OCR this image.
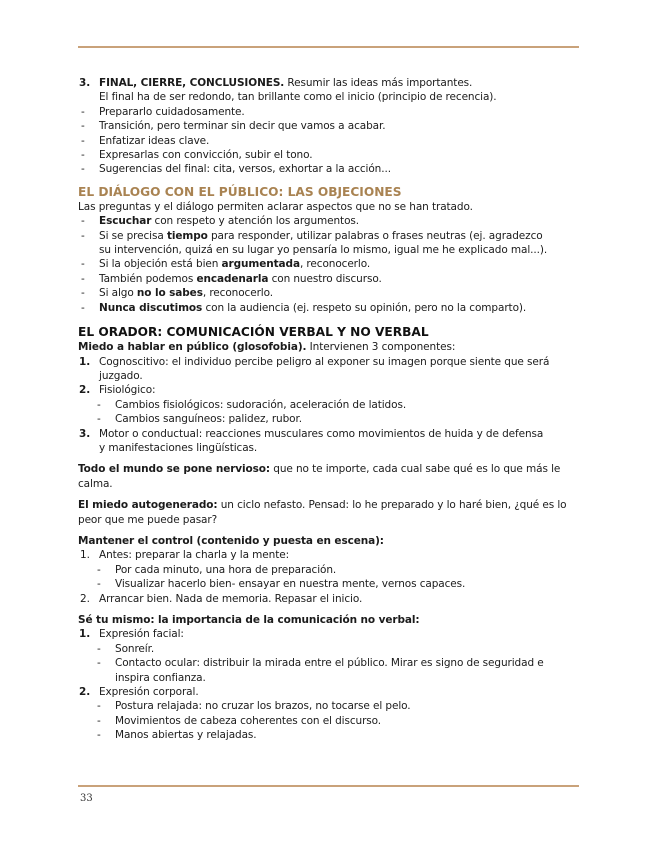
3. FINAL, CIERRE, CONCLUSIONES. Resumir las ideas más importantes.
El final ha de ser redondo, tan brillante como el inicio (principio de recencia).
- Prepararlo cuidadosamente.
- Transición, pero terminar sin decir que vamos a acabar.
- Enfatizar ideas clave.
- Expresarlas con convicción, subir el tono.
- Sugerencias del final: cita, versos, exhortar a la acción...
EL DIÁLOGO CON EL PÚBLICO: LAS OBJECIONES
Las preguntas y el diálogo permiten aclarar aspectos que no se han tratado.
- Escuchar con respeto y atención los argumentos.
- Si se precisa tiempo para responder, utilizar palabras o frases neutras (ej. agradezco
su intervención, quizá en su lugar yo pensaría lo mismo, igual me he explicado mal...).
- Si la objeción está bien argumentada, reconocerlo.
- También podemos encadenarla con nuestro discurso.
- Si algo no lo sabes, reconocerlo.
- Nunca discutimos con la audiencia (ej. respeto su opinión, pero no la comparto).
EL ORADOR: COMUNICACIÓN VERBAL Y NO VERBAL
Miedo a hablar en público (glosofobia). Intervienen 3 componentes:
1. Cognoscitivo: el individuo percibe peligro al exponer su imagen porque siente que será
juzgado.
2. Fisiológico:
- Cambios fisiológicos: sudoración, aceleración de latidos.
- Cambios sanguíneos: palidez, rubor.
3. Motor o conductual: reacciones musculares como movimientos de huida y de defensa
y manifestaciones lingüísticas.
Todo el mundo se pone nervioso: que no te importe, cada cual sabe qué es lo que más le calma.
El miedo autogenerado: un ciclo nefasto. Pensad: lo he preparado y lo haré bien, ¿qué es lo peor que me puede pasar?
Mantener el control (contenido y puesta en escena):
1. Antes: preparar la charla y la mente:
- Por cada minuto, una hora de preparación.
- Visualizar hacerlo bien- ensayar en nuestra mente, vernos capaces.
2. Arrancar bien. Nada de memoria. Repasar el inicio.
Sé tu mismo: la importancia de la comunicación no verbal:
1. Expresión facial:
- Sonreír.
- Contacto ocular: distribuir la mirada entre el público. Mirar es signo de seguridad e
inspira confianza.
2. Expresión corporal.
- Postura relajada: no cruzar los brazos, no tocarse el pelo.
- Movimientos de cabeza coherentes con el discurso.
- Manos abiertas y relajadas.
33
